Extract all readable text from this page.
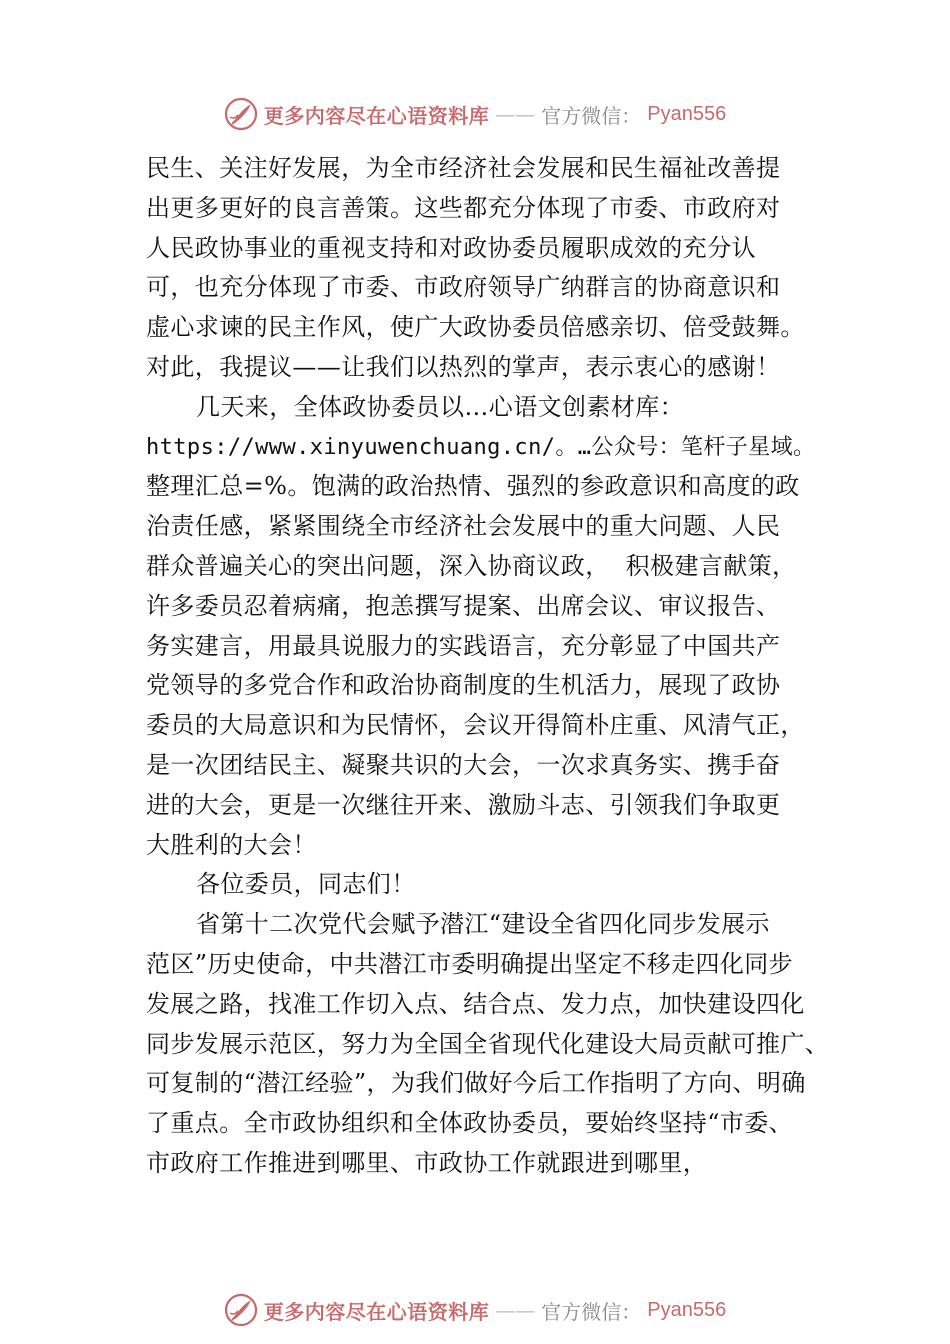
更多内容尽在心语资料库 —— 官方微信： Pyan556
民生、关注好发展，为全市经济社会发展和民生福祉改善提
出更多更好的良言善策。这些都充分体现了市委、市政府对
人民政协事业的重视支持和对政协委员履职成效的充分认
可，也充分体现了市委、市政府领导广纳群言的协商意识和
虚心求谏的民主作风，使广大政协委员倍感亲切、倍受鼓舞。
对此，我提议——让我们以热烈的掌声，表示衷心的感谢！
几天来，全体政协委员以…心语文创素材库：
https://www.xinyuwenchuang.cn/。…公众号：笔杆子星域。
整理汇总=%。饱满的政治热情、强烈的参政意识和高度的政
治责任感，紧紧围绕全市经济社会发展中的重大问题、人民
群众普遍关心的突出问题，深入协商议政，  积极建言献策，
许多委员忍着病痛，抱恙撰写提案、出席会议、审议报告、
务实建言，用最具说服力的实践语言，充分彰显了中国共产
党领导的多党合作和政治协商制度的生机活力，展现了政协
委员的大局意识和为民情怀，会议开得简朴庄重、风清气正，
是一次团结民主、凝聚共识的大会，一次求真务实、携手奋
进的大会，更是一次继往开来、激励斗志、引领我们争取更
大胜利的大会！
各位委员，同志们！
省第十二次党代会赋予潜江“建设全省四化同步发展示
范区”历史使命，中共潜江市委明确提出坚定不移走四化同步
发展之路，找准工作切入点、结合点、发力点，加快建设四化
同步发展示范区，努力为全国全省现代化建设大局贡献可推广、
可复制的“潜江经验”，为我们做好今后工作指明了方向、明确
了重点。全市政协组织和全体政协委员，要始终坚持“市委、
市政府工作推进到哪里、市政协工作就跟进到哪里，
更多内容尽在心语资料库 —— 官方微信： Pyan556
